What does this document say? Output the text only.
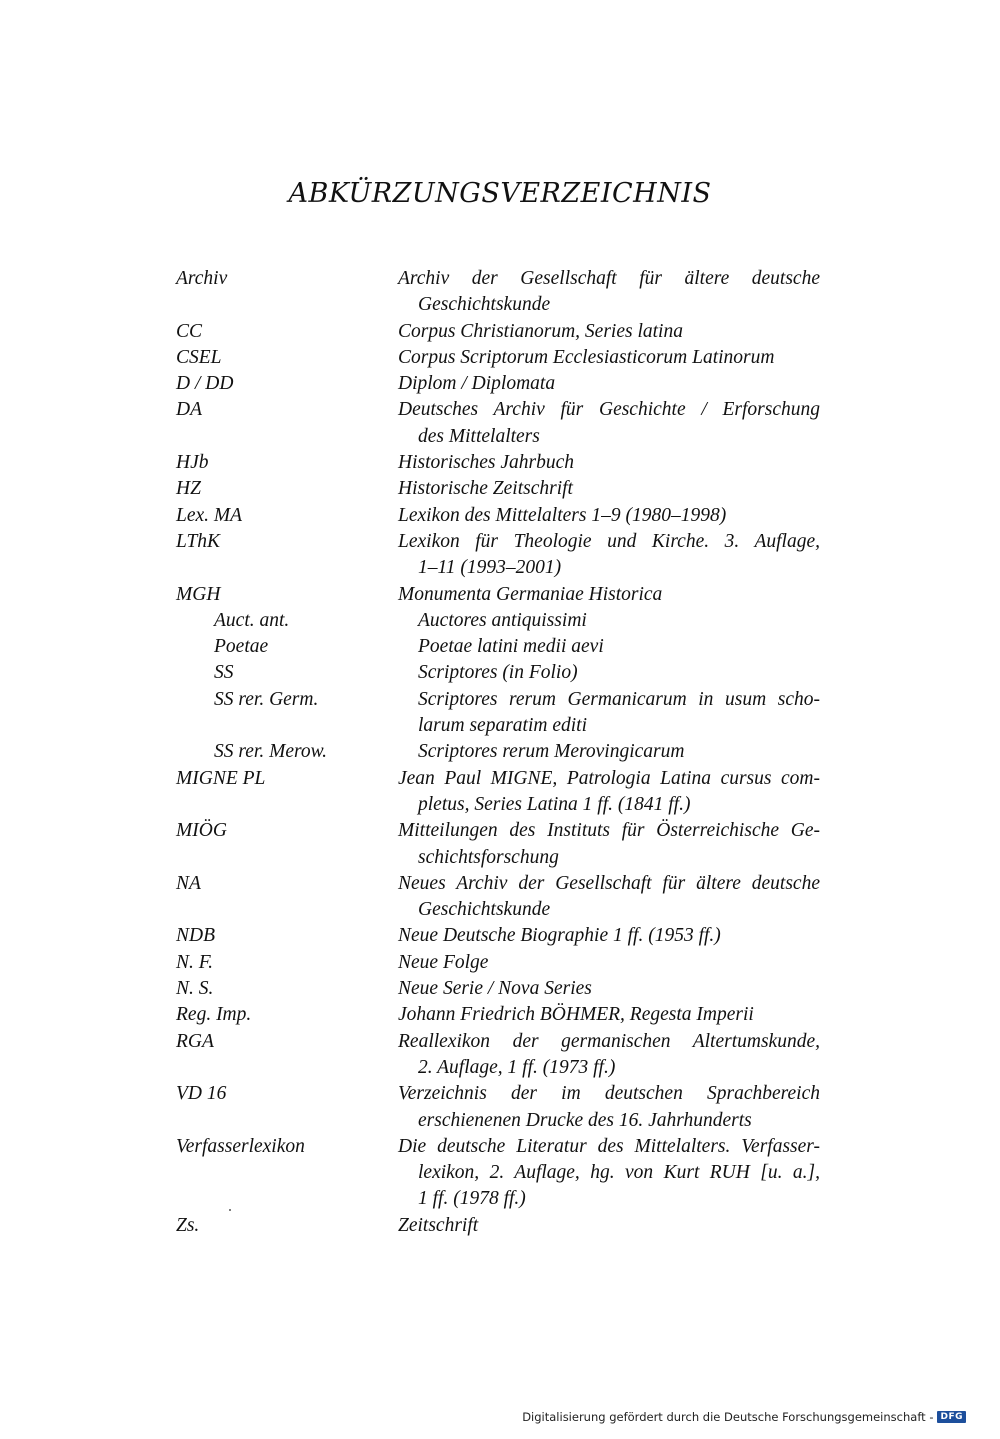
ABKÜRZUNGSVERZEICHNIS
Archiv	Archiv der Gesellschaft für ältere deutsche
Geschichtskunde
CC	Corpus Christianorum, Series latina
CSEL	Corpus Scriptorum Ecclesiasticorum Latinorum
D / DD	Diplom / Diplomata
DA	Deutsches Archiv für Geschichte / Erforschung
des Mittelalters
HJb	Historisches Jahrbuch
HZ	Historische Zeitschrift
Lex. MA	Lexikon des Mittelalters 1–9 (1980–1998)
LThK	Lexikon für Theologie und Kirche. 3. Auflage,
1–11 (1993–2001)
MGH	Monumenta Germaniae Historica
Auct. ant.	Auctores antiquissimi
Poetae	Poetae latini medii aevi
SS	Scriptores (in Folio)
SS rer. Germ.	Scriptores rerum Germanicarum in usum scho-
larum separatim editi
SS rer. Merow.	Scriptores rerum Merovingicarum
MIGNE PL	Jean Paul MIGNE, Patrologia Latina cursus com-
pletus, Series Latina 1 ff. (1841 ff.)
MIÖG	Mitteilungen des Instituts für Österreichische Ge-
schichtsforschung
NA	Neues Archiv der Gesellschaft für ältere deutsche
Geschichtskunde
NDB	Neue Deutsche Biographie 1 ff. (1953 ff.)
N. F.	Neue Folge
N. S.	Neue Serie / Nova Series
Reg. Imp.	Johann Friedrich BÖHMER, Regesta Imperii
RGA	Reallexikon der germanischen Altertumskunde,
2. Auflage, 1 ff. (1973 ff.)
VD 16	Verzeichnis der im deutschen Sprachbereich
erschienenen Drucke des 16. Jahrhunderts
Verfasserlexikon	Die deutsche Literatur des Mittelalters. Verfasser-
lexikon, 2. Auflage, hg. von Kurt RUH [u. a.],
1 ff. (1978 ff.)
Zs.	Zeitschrift
Digitalisierung gefördert durch die Deutsche Forschungsgemeinschaft - DFG
